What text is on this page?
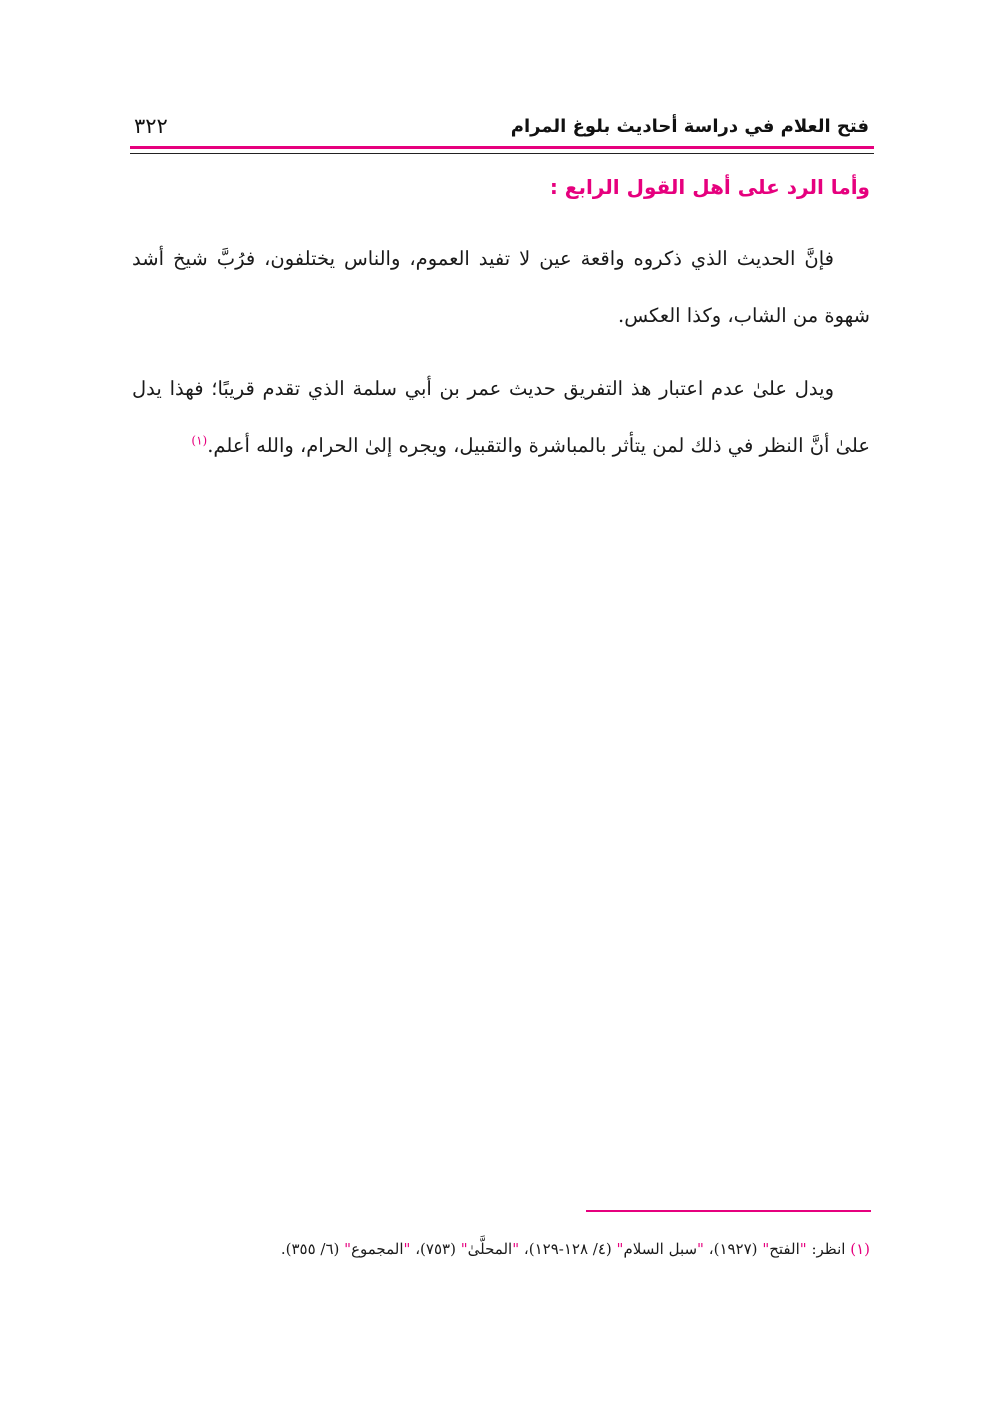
فتح العلام في دراسة أحاديث بلوغ المرام
٣٢٢
وأما الرد على أهل القول الرابع :
فإنَّ الحديث الذي ذكروه واقعة عين لا تفيد العموم، والناس يختلفون، فرُبَّ شيخ أشد شهوة من الشاب، وكذا العكس.
ويدل علىٰ عدم اعتبار هذ التفريق حديث عمر بن أبي سلمة الذي تقدم قريبًا؛ فهذا يدل علىٰ أنَّ النظر في ذلك لمن يتأثر بالمباشرة والتقبيل، ويجره إلىٰ الحرام، والله أعلم.$^{(١)}$
(١) انظر: "الفتح" (١٩٢٧)، "سبل السلام" (٤/ ١٢٨-١٢٩)، "المحلَّىٰ" (٧٥٣)، "المجموع" (٦/ ٣٥٥).
